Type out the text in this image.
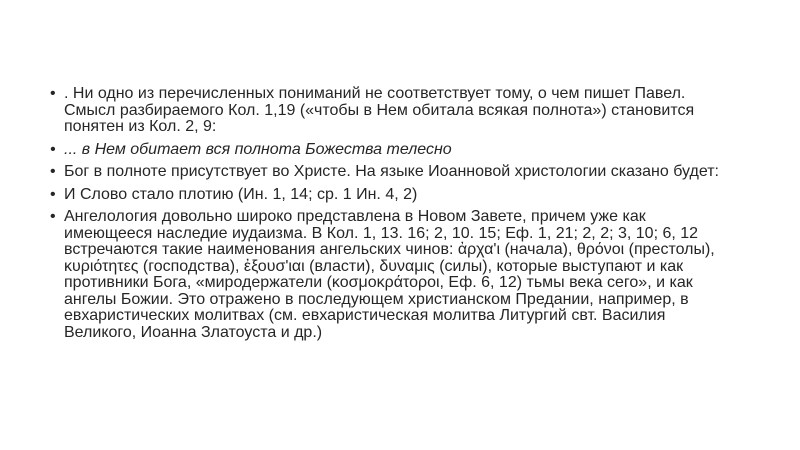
• . Ни одно из перечисленных пониманий не соответствует тому, о чем пишет Павел. Смысл разбираемого Кол. 1,19 («чтобы в Нем обитала всякая полнота») становится понятен из Кол. 2, 9:
• ... в Нем обитает вся полнота Божества телесно
• Бог в полноте присутствует во Христе. На языке Иоанновой христологии сказано будет:
• И Слово стало плотию (Ин. 1, 14; ср. 1 Ин. 4, 2)
• Ангелология довольно широко представлена в Новом Завете, причем уже как имеющееся наследие иудаизма. В Кол. 1, 13. 16; 2, 10. 15; Еф. 1, 21; 2, 2; 3, 10; 6, 12 встречаются такие наименования ангельских чинов: ἀρχα'ι (начала), θρόνοι (престолы), κυριότητες (господства), ἐξουσ'ιαι (власти), δυναμις (силы), которые выступают и как противники Бога, «миродержатели (κοσμοκράτοροι, Еф. 6, 12) тьмы века сего», и как ангелы Божии. Это отражено в последующем христианском Предании, например, в евхаристических молитвах (см. евхаристическая молитва Литургий свт. Василия Великого, Иоанна Златоуста и др.)
